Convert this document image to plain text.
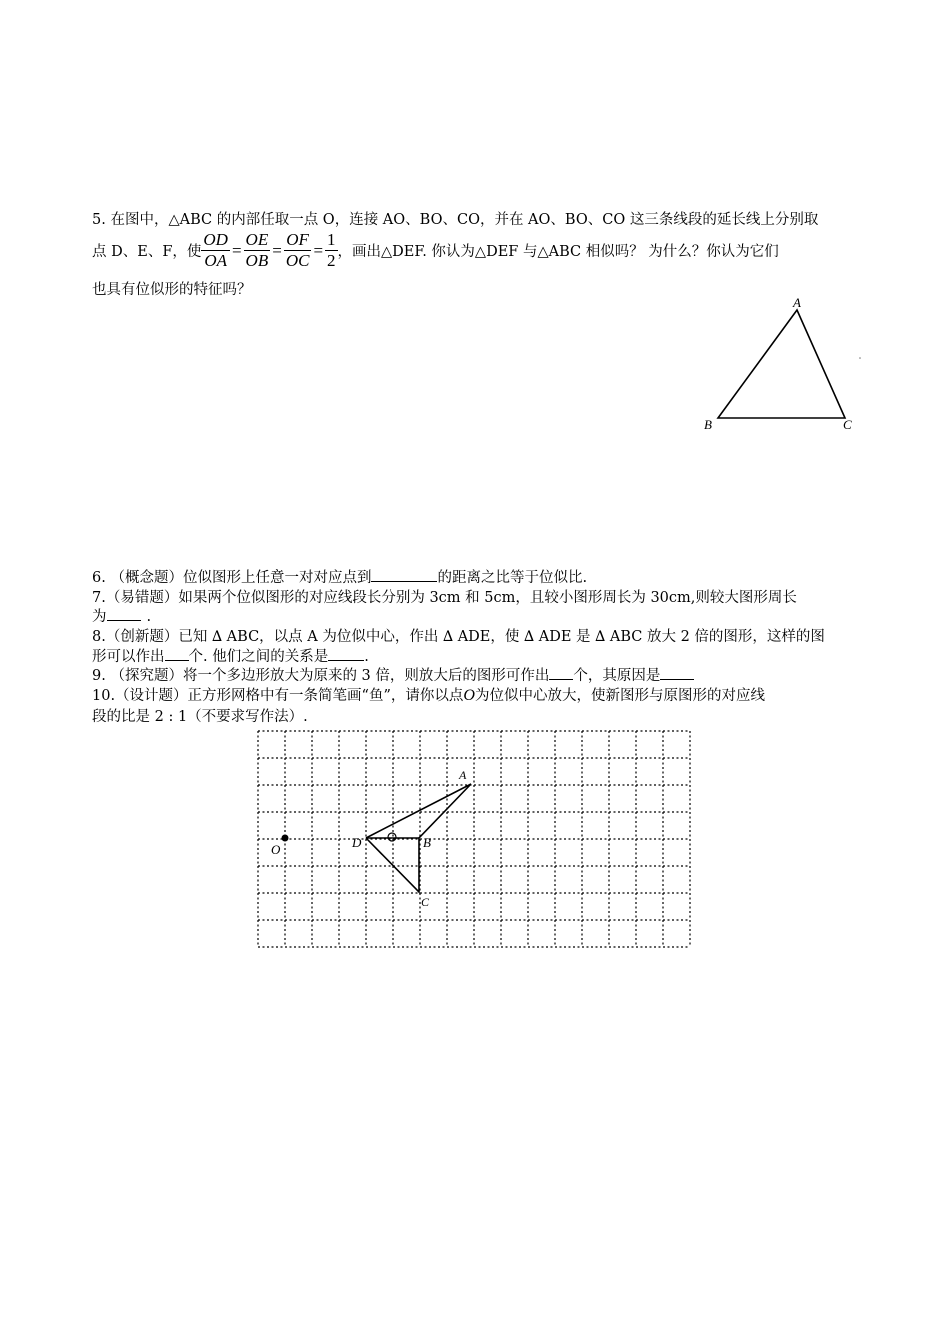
5. 在图中，△ABC 的内部任取一点 O，连接 AO、BO、CO，并在 AO、BO、CO 这三条线段的延长线上分别取
点 D、E、F，使 $\frac{OD}{OA} = \frac{OE}{OB} = \frac{OF}{OC} = \frac{1}{2}$ ，画出△DEF. 你认为△DEF 与△ABC 相似吗？ 为什么？你认为它们
也具有位似形的特征吗？
A
B	C
6. （概念题）位似图形上任意一对对应点到	的距离之比等于位似比.
7.（易错题）如果两个位似图形的对应线段长分别为 3cm 和 5cm，且较小图形周长为 30cm,则较大图形周长
为	.
8.（创新题）已知 ∆ ABC，以点 A 为位似中心，作出 ∆ ADE，使 ∆ ADE 是 ∆ ABC 放大 2 倍的图形，这样的图
形可以作出 个. 他们之间的关系是 .
9. （探究题）将一个多边形放大为原来的 3 倍，则放大后的图形可作出 个，其原因是
10.（设计题）正方形网格中有一条简笔画“鱼”，请你以点O为位似中心放大，使新图形与原图形的对应线
段的比是 2 : 1（不要求写作法）.
O
A
D	B
C
